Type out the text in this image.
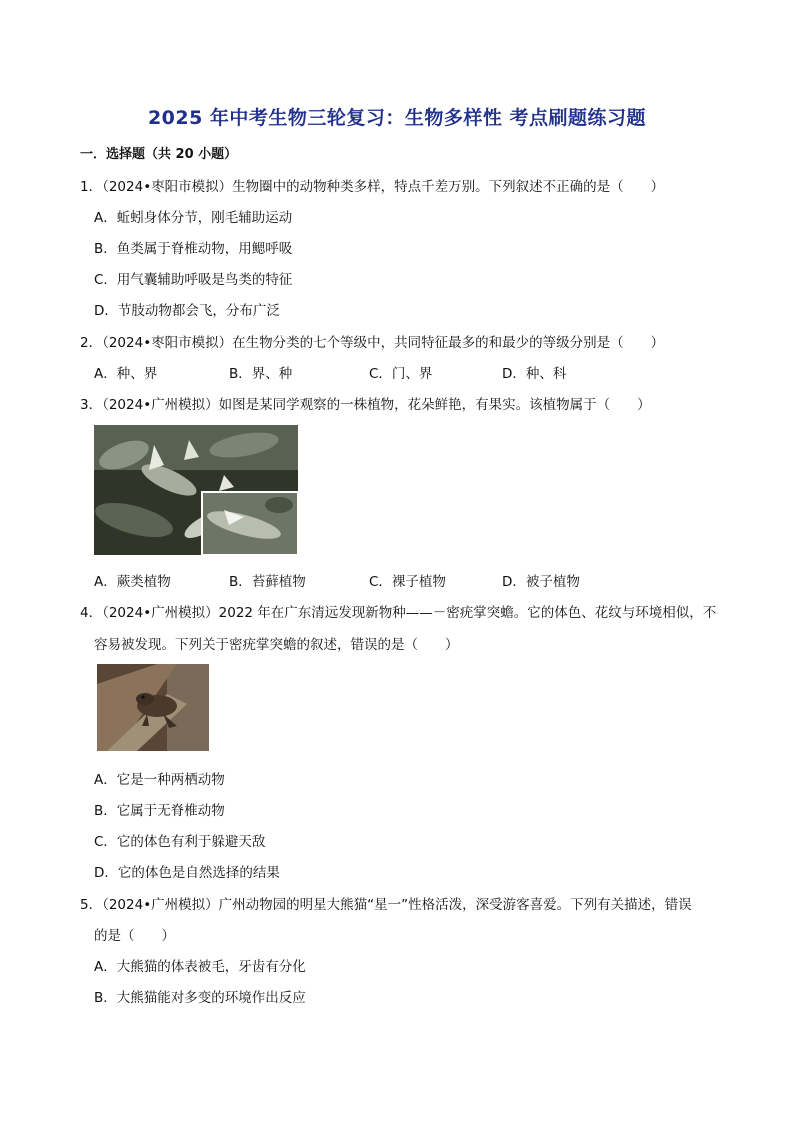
2025 年中考生物三轮复习：生物多样性 考点刷题练习题
一．选择题（共 20 小题）
1．（2024•枣阳市模拟）生物圈中的动物种类多样，特点千差万别。下列叙述不正确的是（　　）
A．蚯蚓身体分节，刚毛辅助运动
B．鱼类属于脊椎动物，用鳃呼吸
C．用气囊辅助呼吸是鸟类的特征
D．节肢动物都会飞，分布广泛
2．（2024•枣阳市模拟）在生物分类的七个等级中，共同特征最多的和最少的等级分别是（　　）
A．种、界	B．界、种	C．门、界	D．种、科
3．（2024•广州模拟）如图是某同学观察的一株植物，花朵鲜艳，有果实。该植物属于（　　）
A．蕨类植物	B．苔藓植物	C．裸子植物	D．被子植物
4．（2024•广州模拟）2022 年在广东清远发现新物种——－密疣掌突蟾。它的体色、花纹与环境相似，不
容易被发现。下列关于密疣掌突蟾的叙述，错误的是（　　）
A．它是一种两栖动物
B．它属于无脊椎动物
C．它的体色有利于躲避天敌
D．它的体色是自然选择的结果
5．（2024•广州模拟）广州动物园的明星大熊猫“星一”性格活泼，深受游客喜爱。下列有关描述，错误
的是（　　）
A．大熊猫的体表被毛，牙齿有分化
B．大熊猫能对多变的环境作出反应
